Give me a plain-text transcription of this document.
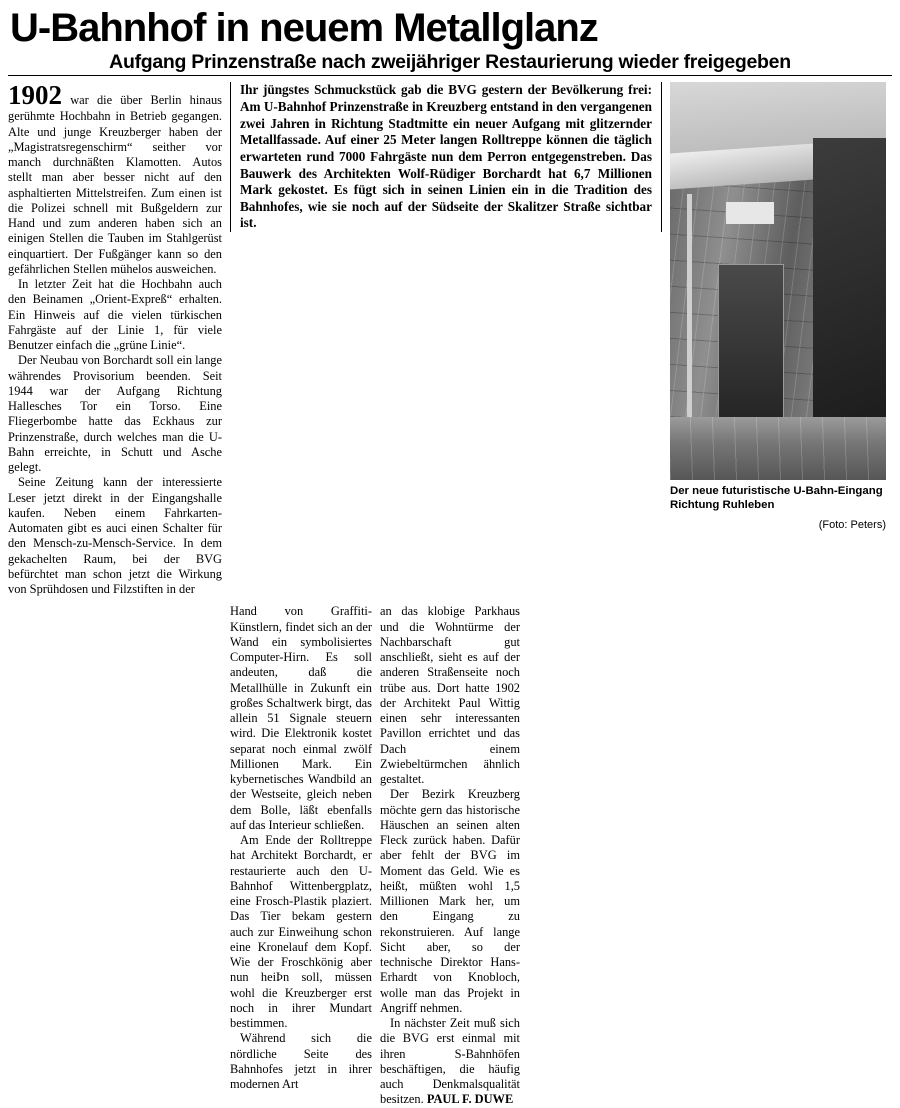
U-Bahnhof in neuem Metallglanz
Aufgang Prinzenstraße nach zweijähriger Restaurierung wieder freigegeben

1902 war die über Berlin hinaus gerühmte Hochbahn in Betrieb gegangen. Alte und junge Kreuzberger haben der „Magistratsregenschirm“ seither vor manch durchnäßten Klamotten. Autos stellt man aber besser nicht auf den asphaltierten Mittelstreifen. Zum einen ist die Polizei schnell mit Bußgeldern zur Hand und zum anderen haben sich an einigen Stellen die Tauben im Stahlgerüst einquartiert. Der Fußgänger kann so den gefährlichen Stellen mühelos ausweichen.

In letzter Zeit hat die Hochbahn auch den Beinamen „Orient-Expreß“ erhalten. Ein Hinweis auf die vielen türkischen Fahrgäste auf der Linie 1, für viele Benutzer einfach die „grüne Linie“.

Der Neubau von Borchardt soll ein lange währendes Provisorium beenden. Seit 1944 war der Aufgang Richtung Hallesches Tor ein Torso. Eine Fliegerbombe hatte das Eckhaus zur Prinzenstraße, durch welches man die U-Bahn erreichte, in Schutt und Asche gelegt.

Seine Zeitung kann der interessierte Leser jetzt direkt in der Eingangshalle kaufen. Neben einem Fahrkarten-Automaten gibt es auci einen Schalter für den Mensch-zu-Mensch-Service. In dem gekachelten Raum, bei der BVG befürchtet man schon jetzt die Wirkung von Sprühdosen und Filzstiften in der

Ihr jüngstes Schmuckstück gab die BVG gestern der Bevölkerung frei: Am U-Bahnhof Prinzenstraße in Kreuzberg entstand in den vergangenen zwei Jahren in Richtung Stadtmitte ein neuer Aufgang mit glitzernder Metallfassade. Auf einer 25 Meter langen Rolltreppe können die täglich erwarteten rund 7000 Fahrgäste nun dem Perron entgegenstreben. Das Bauwerk des Architekten Wolf-Rüdiger Borchardt hat 6,7 Millionen Mark gekostet. Es fügt sich in seinen Linien ein in die Tradition des Bahnhofes, wie sie noch auf der Südseite der Skalitzer Straße sichtbar ist.

Der neue futuristische U-Bahn-Eingang Richtung Ruhleben
(Foto: Peters)

Hand von Graffiti-Künstlern, findet sich an der Wand ein symbolisiertes Computer-Hirn. Es soll andeuten, daß die Metallhülle in Zukunft ein großes Schaltwerk birgt, das allein 51 Signale steuern wird. Die Elektronik kostet separat noch einmal zwölf Millionen Mark. Ein kybernetisches Wandbild an der Westseite, gleich neben dem Bolle, läßt ebenfalls auf das Interieur schließen.

Am Ende der Rolltreppe hat Architekt Borchardt, er restaurierte auch den U-Bahnhof Wittenbergplatz, eine Frosch-Plastik plaziert. Das Tier bekam gestern auch zur Einweihung schon eine Kronelauf dem Kopf. Wie der Froschkönig aber nun heiÞn soll, müssen wohl die Kreuzberger erst noch in ihrer Mundart bestimmen.

Während sich die nördliche Seite des Bahnhofes jetzt in ihrer modernen Art

an das klobige Parkhaus und die Wohntürme der Nachbarschaft gut anschließt, sieht es auf der anderen Straßenseite noch trübe aus. Dort hatte 1902 der Architekt Paul Wittig einen sehr interessanten Pavillon errichtet und das Dach einem Zwiebeltürmchen ähnlich gestaltet.

Der Bezirk Kreuzberg möchte gern das historische Häuschen an seinen alten Fleck zurück haben. Dafür aber fehlt der BVG im Moment das Geld. Wie es heißt, müßten wohl 1,5 Millionen Mark her, um den Eingang zu rekonstruieren. Auf lange Sicht aber, so der technische Direktor Hans-Erhardt von Knobloch, wolle man das Projekt in Angriff nehmen.

In nächster Zeit muß sich die BVG erst einmal mit ihren S-Bahnhöfen beschäftigen, die häufig auch Denkmalsqualität besitzen. PAUL F. DUWE
